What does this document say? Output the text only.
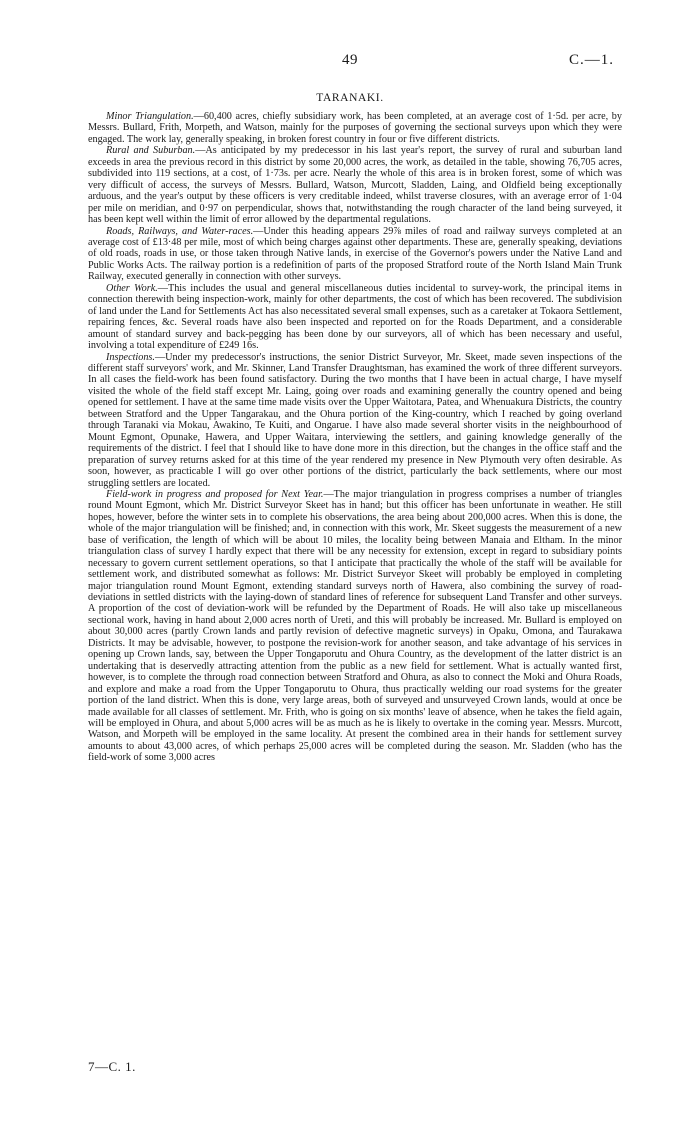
49	C.—1.
TARANAKI.

Minor Triangulation.—60,400 acres, chiefly subsidiary work, has been completed, at an average cost of 1·5d. per acre, by Messrs. Bullard, Frith, Morpeth, and Watson, mainly for the purposes of governing the sectional surveys upon which they were engaged. The work lay, generally speaking, in broken forest country in four or five different districts.

Rural and Suburban.—As anticipated by my predecessor in his last year's report, the survey of rural and suburban land exceeds in area the previous record in this district by some 20,000 acres, the work, as detailed in the table, showing 76,705 acres, subdivided into 119 sections, at a cost, of 1·73s. per acre. Nearly the whole of this area is in broken forest, some of which was very difficult of access, the surveys of Messrs. Bullard, Watson, Murcott, Sladden, Laing, and Oldfield being exceptionally arduous, and the year's output by these officers is very creditable indeed, whilst traverse closures, with an average error of 1·04 per mile on meridian, and 0·97 on perpendicular, shows that, notwithstanding the rough character of the land being surveyed, it has been kept well within the limit of error allowed by the departmental regulations.

Roads, Railways, and Water-races.—Under this heading appears 29⅞ miles of road and railway surveys completed at an average cost of £13·48 per mile, most of which being charges against other departments. These are, generally speaking, deviations of old roads, roads in use, or those taken through Native lands, in exercise of the Governor's powers under the Native Land and Public Works Acts. The railway portion is a redefinition of parts of the proposed Stratford route of the North Island Main Trunk Railway, executed generally in connection with other surveys.

Other Work.—This includes the usual and general miscellaneous duties incidental to survey-work, the principal items in connection therewith being inspection-work, mainly for other departments, the cost of which has been recovered. The subdivision of land under the Land for Settlements Act has also necessitated several small expenses, such as a caretaker at Tokaora Settlement, repairing fences, &c. Several roads have also been inspected and reported on for the Roads Department, and a considerable amount of standard survey and back-pegging has been done by our surveyors, all of which has been necessary and useful, involving a total expenditure of £249 16s.

Inspections.—Under my predecessor's instructions, the senior District Surveyor, Mr. Skeet, made seven inspections of the different staff surveyors' work, and Mr. Skinner, Land Transfer Draughtsman, has examined the work of three different surveyors. In all cases the field-work has been found satisfactory. During the two months that I have been in actual charge, I have myself visited the whole of the field staff except Mr. Laing, going over roads and examining generally the country opened and being opened for settlement. I have at the same time made visits over the Upper Waitotara, Patea, and Whenuakura Districts, the country between Stratford and the Upper Tangarakau, and the Ohura portion of the King-country, which I reached by going overland through Taranaki via Mokau, Awakino, Te Kuiti, and Ongarue. I have also made several shorter visits in the neighbourhood of Mount Egmont, Opunake, Hawera, and Upper Waitara, interviewing the settlers, and gaining knowledge generally of the requirements of the district. I feel that I should like to have done more in this direction, but the changes in the office staff and the preparation of survey returns asked for at this time of the year rendered my presence in New Plymouth very often desirable. As soon, however, as practicable I will go over other portions of the district, particularly the back settlements, where our most struggling settlers are located.

Field-work in progress and proposed for Next Year.—The major triangulation in progress comprises a number of triangles round Mount Egmont, which Mr. District Surveyor Skeet has in hand; but this officer has been unfortunate in weather. He still hopes, however, before the winter sets in to complete his observations, the area being about 200,000 acres. When this is done, the whole of the major triangulation will be finished; and, in connection with this work, Mr. Skeet suggests the measurement of a new base of verification, the length of which will be about 10 miles, the locality being between Manaia and Eltham. In the minor triangulation class of survey I hardly expect that there will be any necessity for extension, except in regard to subsidiary points necessary to govern current settlement operations, so that I anticipate that practically the whole of the staff will be available for settlement work, and distributed somewhat as follows: Mr. District Surveyor Skeet will probably be employed in completing major triangulation round Mount Egmont, extending standard surveys north of Hawera, also combining the survey of road-deviations in settled districts with the laying-down of standard lines of reference for subsequent Land Transfer and other surveys. A proportion of the cost of deviation-work will be refunded by the Department of Roads. He will also take up miscellaneous sectional work, having in hand about 2,000 acres north of Ureti, and this will probably be increased. Mr. Bullard is employed on about 30,000 acres (partly Crown lands and partly revision of defective magnetic surveys) in Opaku, Omona, and Taurakawa Districts. It may be advisable, however, to postpone the revision-work for another season, and take advantage of his services in opening up Crown lands, say, between the Upper Tongaporutu and Ohura Country, as the development of the latter district is an undertaking that is deservedly attracting attention from the public as a new field for settlement. What is actually wanted first, however, is to complete the through road connection between Stratford and Ohura, as also to connect the Moki and Ohura Roads, and explore and make a road from the Upper Tongaporutu to Ohura, thus practically welding our road systems for the greater portion of the land district. When this is done, very large areas, both of surveyed and unsurveyed Crown lands, would at once be made available for all classes of settlement. Mr. Frith, who is going on six months' leave of absence, when he takes the field again, will be employed in Ohura, and about 5,000 acres will be as much as he is likely to overtake in the coming year. Messrs. Murcott, Watson, and Morpeth will be employed in the same locality. At present the combined area in their hands for settlement survey amounts to about 43,000 acres, of which perhaps 25,000 acres will be completed during the season. Mr. Sladden (who has the field-work of some 3,000 acres

7—C. 1.
